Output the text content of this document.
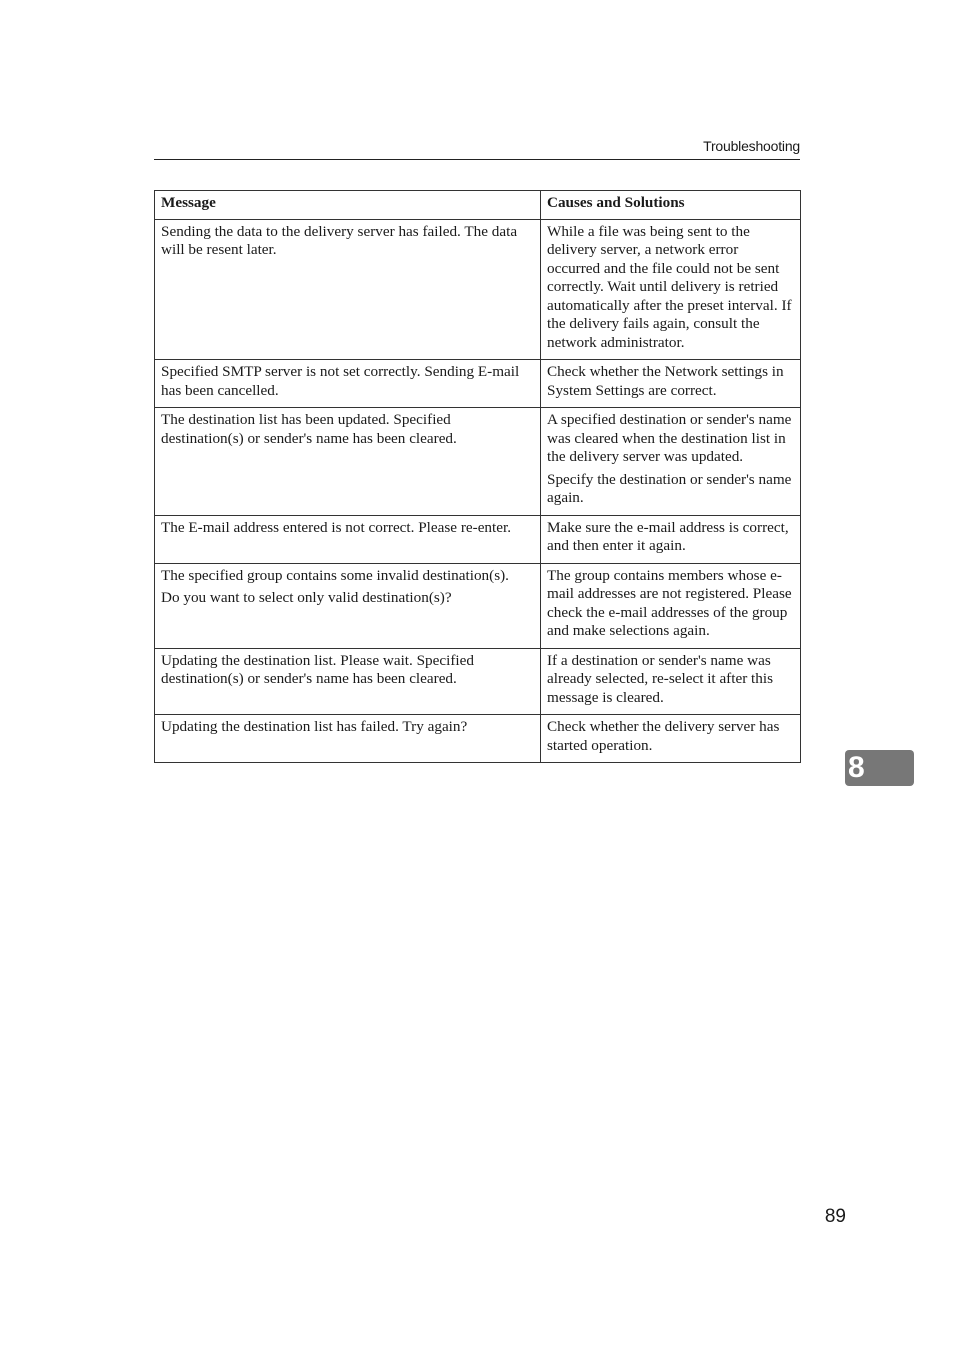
Troubleshooting
Message	Causes and Solutions

Sending the data to the delivery server has failed. The data will be resent later.	While a file was being sent to the delivery server, a network error occurred and the file could not be sent correctly. Wait until delivery is retried automatically after the preset interval. If the delivery fails again, consult the network administrator.

Specified SMTP server is not set correctly. Sending E-mail has been cancelled.	Check whether the Network settings in System Settings are correct.

The destination list has been updated. Specified destination(s) or sender's name has been cleared.	A specified destination or sender's name was cleared when the destination list in the delivery server was updated.
Specify the destination or sender's name again.

The E-mail address entered is not correct. Please re-enter.	Make sure the e-mail address is correct, and then enter it again.

The specified group contains some invalid destination(s).
Do you want to select only valid destination(s)?	The group contains members whose e-mail addresses are not registered. Please check the e-mail addresses of the group and make selections again.

Updating the destination list. Please wait. Specified destination(s) or sender's name has been cleared.	If a destination or sender's name was already selected, re-select it after this message is cleared.

Updating the destination list has failed. Try again?	Check whether the delivery server has started operation.
8
89
